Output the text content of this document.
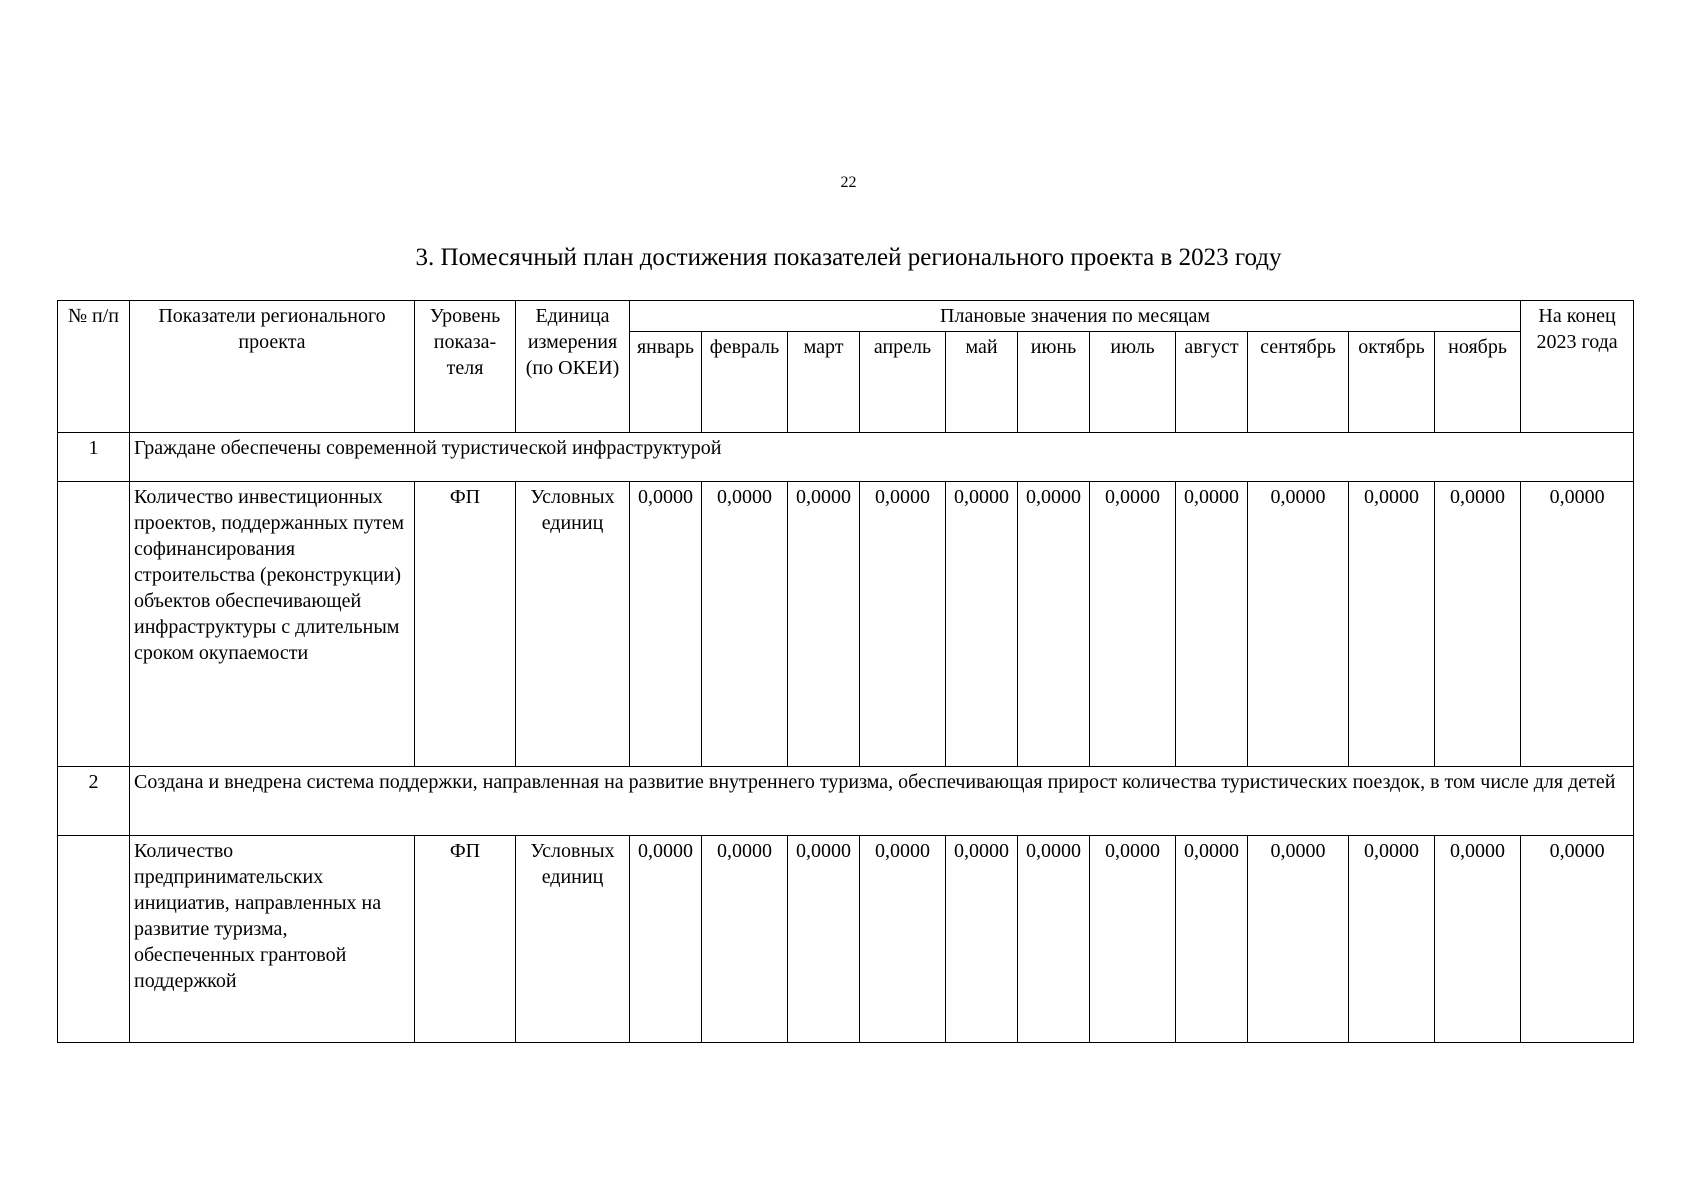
22
3. Помесячный план достижения показателей регионального проекта в 2023 году
№ п/п	Показатели регионального проекта	Уровень показа-теля	Единица измерения (по ОКЕИ)	Плановые значения по месяцам											На конец 2023 года
				январь	февраль	март	апрель	май	июнь	июль	август	сентябрь	октябрь	ноябрь	
1	Граждане обеспечены современной туристической инфраструктурой														
	Количество инвестиционных проектов, поддержанных путем софинансирования строительства (реконструкции) объектов обеспечивающей инфраструктуры с длительным сроком окупаемости	ФП	Условных единиц	0,0000	0,0000	0,0000	0,0000	0,0000	0,0000	0,0000	0,0000	0,0000	0,0000	0,0000	0,0000
2	Создана и внедрена система поддержки, направленная на развитие внутреннего туризма, обеспечивающая прирост количества туристических поездок, в том числе для детей														
	Количество предпринимательских инициатив, направленных на развитие туризма, обеспеченных грантовой поддержкой	ФП	Условных единиц	0,0000	0,0000	0,0000	0,0000	0,0000	0,0000	0,0000	0,0000	0,0000	0,0000	0,0000	0,0000
